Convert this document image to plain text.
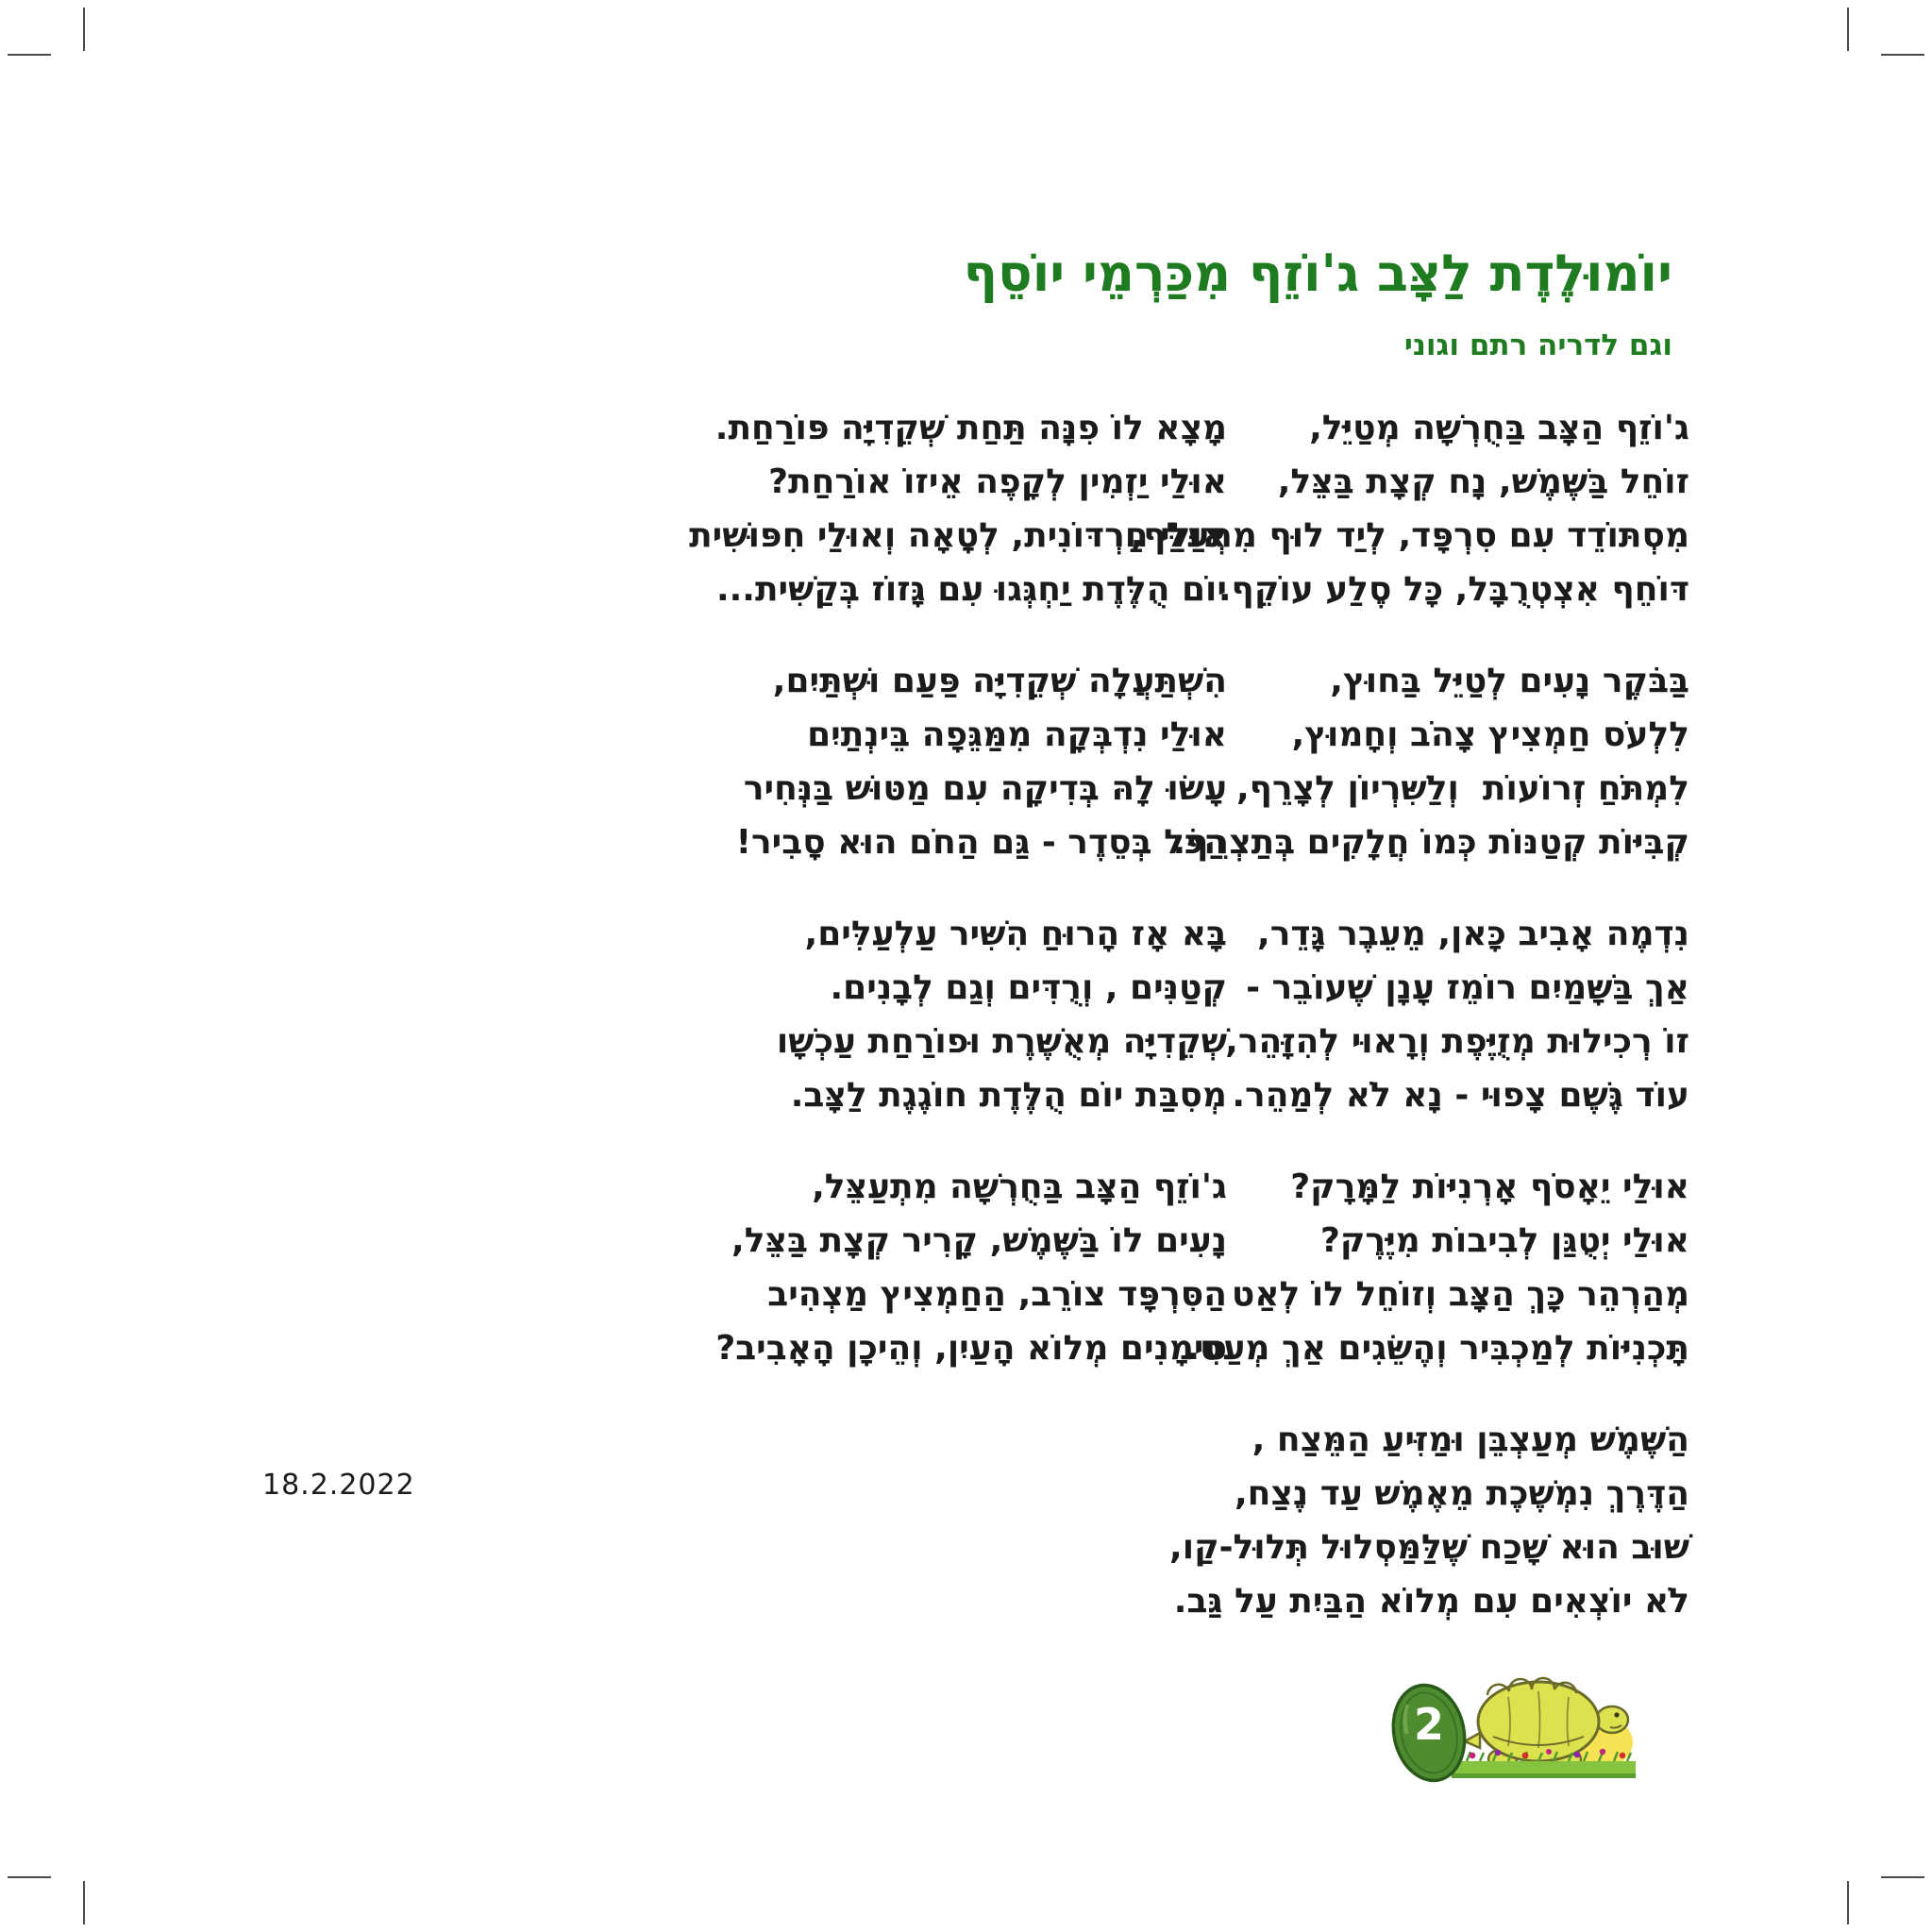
יוֹמוּלֶדֶת לַצָּב ג'וֹזֵף מִכַּרְמֵי יוֹסֵף
וגם לדריה רתם וגוני
ג'וֹזֵף הַצָּב בַּחֻרְשָׁה מְטַיֵּל,
זוֹחֵל בַּשֶּׁמֶשׁ, נָח קְצָת בַּצֵּל,
מִסְתּוֹדֵד עִם סִרְפָּד, לְיַד לוּף מִתְעַלֵּף,
דּוֹחֵף אִצְטְרֻבָּל, כָּל סֶלַע עוֹקֵף.
בַּבֹּקֶר נָעִים לְטַיֵּל בַּחוּץ,
לִלְעֹס חַמְצִיץ צָהֹב וְחָמוּץ,
לִמְתֹּחַ זְרוֹעוֹת  וְלַשִּׁרְיוֹן לְצָרֵף,
קְבִּיּוֹת קְטַנּוֹת כְּמוֹ חֲלָקִים בְּתַצְרֵף.
נִדְמֶה אָבִיב כָּאן, מֵעֵבֶר גָּדֵר,
אַךְ בַּשָּׁמַיִם רוֹמֵז עָנָן שֶׁעוֹבֵר -
זוֹ רְכִילוּת מְזֻיֶּפֶת וְרָאוּי לְהִזָּהֵר,
עוֹד גֶּשֶׁם צָפוּי - נָא לֹא לְמַהֵר.
אוּלַי יֵאָסֹף אָרְנִיּוֹת לַמָּרָק?
אוּלַי יְטֻגַּן לְבִיבוֹת מִיֶּרֶק?
מְהַרְהֵר כָּךְ הַצָּב וְזוֹחֵל לוֹ לְאַט
תָּכְנִיּוֹת לְמַכְבִּיר וְהֶשֵּׂגִים אַךְ מְעַט.
הַשֶּׁמֶשׁ מְעַצְבֵּן וּמַזִּיעַ הַמֵּצַח ,
הַדֶּרֶךְ נִמְשֶׁכֶת מֵאֶמֶשׁ עַד נֶצַח,
שׁוּב הוּא שָׁכַח שֶׁלַּמַּסְלוּל תְּלוּל-קַו,
לֹא יוֹצְאִים עִם מְלוֹא הַבַּיִת עַל גַּב.
מָצָא לוֹ פִנָּה תַּחַת שְׁקֵדִיָּה פּוֹרַחַת.
אוּלַי יַזְמִין לְקָפֶה אֵיזוֹ אוֹרַחַת?
אוּלַי חַרְדּוֹנִית, לְטָאָה וְאוּלַי חִפּוּשִׁית
יוֹם הֻלֶּדֶת יַחְגְּגוּ עִם גָּזוֹז בְּקַשִּׁית...
הִשְׁתַּעֲלָה שְׁקֵדִיָּה פַּעַם וּשְׁתַּיִם,
אוּלַי נִדְבְּקָה מִמַּגֵּפָה בֵּינְתַיִם
עָשׂוּ לָהּ בְּדִיקָה עִם מַטּוּשׁ בַּנְּחִיר
הַכֹּל בְּסֵדֶר - גַּם הַחֹם הוּא סָבִיר!
בָּא אָז הָרוּחַ הִשִּׁיר עַלְעַלִּים,
קְטַנִּים , וְרֻדִּים וְגַם לְבָנִים.
שְׁקֵדִיָּה מְאֻשֶּׁרֶת וּפוֹרַחַת עַכְשָׁו
מְסִבַּת יוֹם הֻלֶּדֶת חוֹגֶגֶת לַצָּב.
ג'וֹזֵף הַצָּב בַּחֻרְשָׁה מִתְעַצֵּל,
נָעִים לוֹ בַּשֶּׁמֶשׁ, קָרִיר קְצָת בַּצֵּל,
הַסִּרְפָּד צוֹרֵב, הַחַמְצִיץ מַצְהִיב
סִימָנִים מְלוֹא הָעַיִן, וְהֵיכָן הָאָבִיב?
18.2.2022
2
